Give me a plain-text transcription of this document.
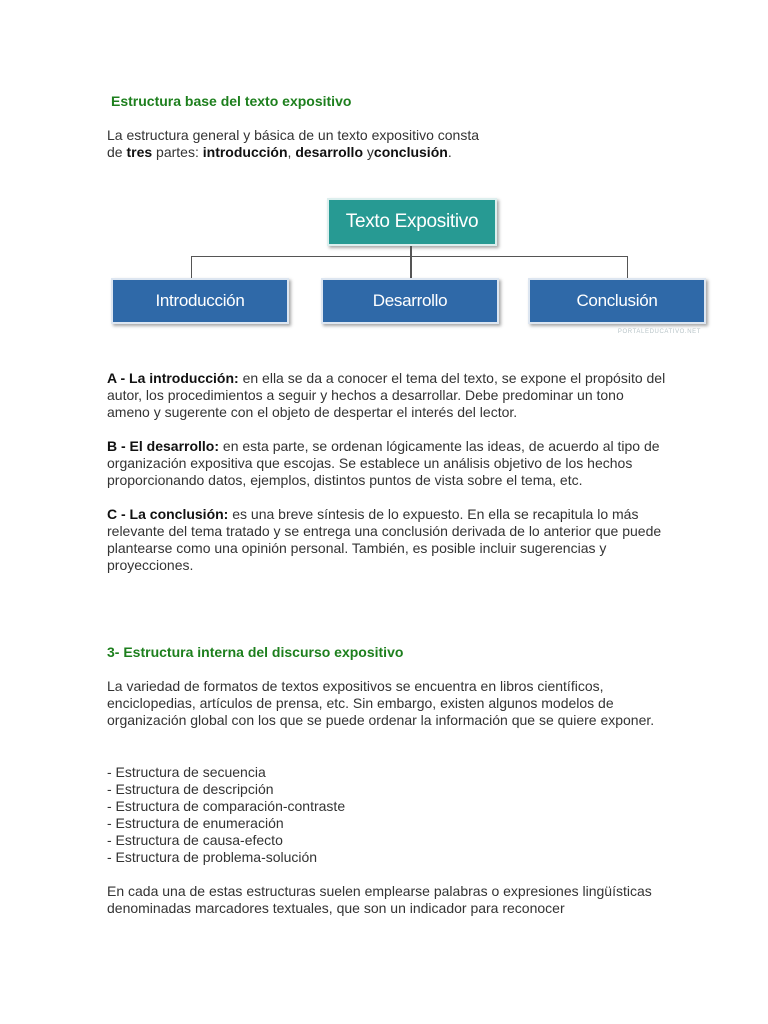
Estructura base del texto expositivo

La estructura general y básica de un texto expositivo consta
de tres partes: introducción, desarrollo yconclusión.

Texto Expositivo
Introducción	Desarrollo	Conclusión
PORTALEDUCATIVO.NET

A - La introducción: en ella se da a conocer el tema del texto, se expone el propósito del autor, los procedimientos a seguir y hechos a desarrollar. Debe predominar un tono ameno y sugerente con el objeto de despertar el interés del lector.

B - El desarrollo: en esta parte, se ordenan lógicamente las ideas, de acuerdo al tipo de organización expositiva que escojas. Se establece un análisis objetivo de los hechos proporcionando datos, ejemplos, distintos puntos de vista sobre el tema, etc.

C - La conclusión: es una breve síntesis de lo expuesto. En ella se recapitula lo más relevante del tema tratado y se entrega una conclusión derivada de lo anterior que puede plantearse como una opinión personal. También, es posible incluir sugerencias y proyecciones.

3- Estructura interna del discurso expositivo

La variedad de formatos de textos expositivos se encuentra en libros científicos, enciclopedias, artículos de prensa, etc. Sin embargo, existen algunos modelos de organización global con los que se puede ordenar la información que se quiere exponer.

- Estructura de secuencia
- Estructura de descripción
- Estructura de comparación-contraste
- Estructura de enumeración
- Estructura de causa-efecto
- Estructura de problema-solución

En cada una de estas estructuras suelen emplearse palabras o expresiones lingüísticas denominadas marcadores textuales, que son un indicador para reconocer
